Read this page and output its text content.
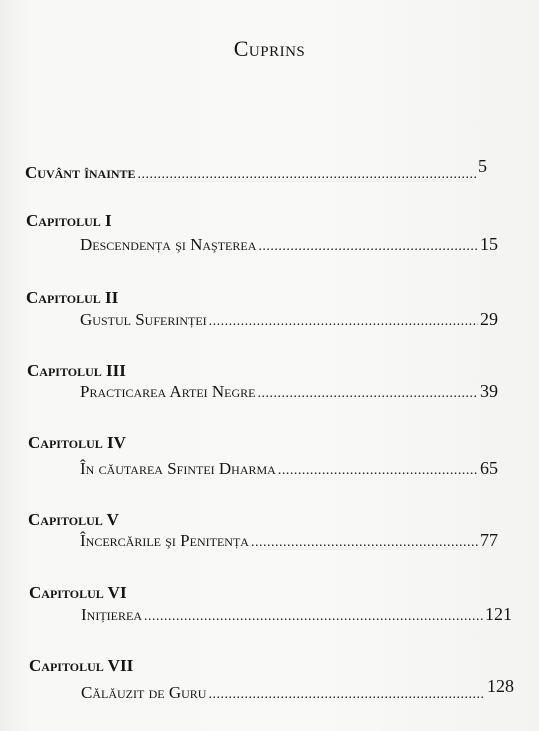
Cuprins
Cuvânt înainte .....	5
Capitolul I
Descendența şi Naşterea .....	15
Capitolul II
Gustul Suferinței .....	29
Capitolul III
Practicarea Artei Negre .....	39
Capitolul IV
În căutarea Sfintei Dharma .....	65
Capitolul V
Încercările şi Penitența .....	77
Capitolul VI
Inițierea .....	121
Capitolul VII
Călăuzit de Guru .....	128
